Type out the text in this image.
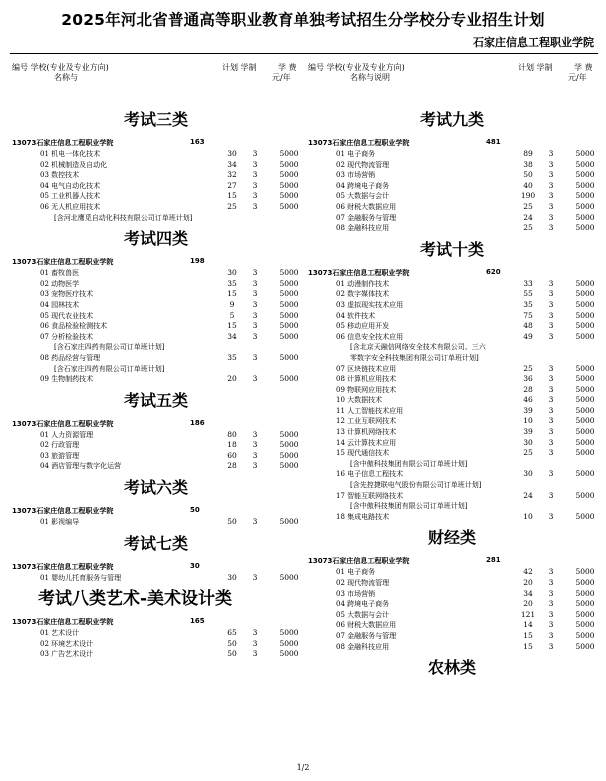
2025年河北省普通高等职业教育单独考试招生分学校分专业招生计划
石家庄信息工程职业学院
编号 学校(专业及专业方向)
名称与
计划 学制	学 费
元/年
考试三类
13073石家庄信息工程职业学院	163
01 机电一体化技术	30	3	5000
02 机械制造及自动化	34	3	5000
03 数控技术	32	3	5000
04 电气自动化技术	27	3	5000
05 工业机器人技术	15	3	5000
06 无人机应用技术	25	3	5000
[含河北鹰觅自动化科技有限公司订单班计划]
考试四类
13073石家庄信息工程职业学院	198
01 畜牧兽医	30	3	5000
02 动物医学	35	3	5000
03 宠物医疗技术	15	3	5000
04 园林技术	9	3	5000
05 现代农业技术	5	3	5000
06 食品检验检测技术	15	3	5000
07 分析检验技术	34	3	5000
[含石家庄四药有限公司订单班计划]
08 药品经营与管理	35	3	5000
[含石家庄四药有限公司订单班计划]
09 生物制药技术	20	3	5000
考试五类
13073石家庄信息工程职业学院	186
01 人力资源管理	80	3	5000
02 行政管理	18	3	5000
03 旅游管理	60	3	5000
04 酒店管理与数字化运营	28	3	5000
考试六类
13073石家庄信息工程职业学院	50
01 影视编导	50	3	5000
考试七类
13073石家庄信息工程职业学院	30
01 婴幼儿托育服务与管理	30	3	5000
考试八类艺术-美术设计类
13073石家庄信息工程职业学院	165
01 艺术设计	65	3	5000
02 环境艺术设计	50	3	5000
03 广告艺术设计	50	3	5000
编号 学校(专业及专业方向)
名称与说明
计划 学制	学 费
元/年
考试九类
13073石家庄信息工程职业学院	481
01 电子商务	89	3	5000
02 现代物流管理	38	3	5000
03 市场营销	50	3	5000
04 跨境电子商务	40	3	5000
05 大数据与会计	190	3	5000
06 财税大数据应用	25	3	5000
07 金融服务与管理	24	3	5000
08 金融科技应用	25	3	5000
考试十类
13073石家庄信息工程职业学院	620
01 动漫制作技术	33	3	5000
02 数字媒体技术	55	3	5000
03 虚拟现实技术应用	35	3	5000
04 软件技术	75	3	5000
05 移动应用开发	48	3	5000
06 信息安全技术应用	49	3	5000
[含北京天融信网络安全技术有限公司、三六
零数字安全科技集团有限公司订单班计划]
07 区块链技术应用	25	3	5000
08 计算机应用技术	36	3	5000
09 物联网应用技术	28	3	5000
10 大数据技术	46	3	5000
11 人工智能技术应用	39	3	5000
12 工业互联网技术	10	3	5000
13 计算机网络技术	39	3	5000
14 云计算技术应用	30	3	5000
15 现代通信技术	25	3	5000
[含中傲科技集团有限公司订单班计划]
16 电子信息工程技术	30	3	5000
[含先控捷联电气股份有限公司订单班计划]
17 智能互联网络技术	24	3	5000
[含中傲科技集团有限公司订单班计划]
18 集成电路技术	10	3	5000
财经类
13073石家庄信息工程职业学院	281
01 电子商务	42	3	5000
02 现代物流管理	20	3	5000
03 市场营销	34	3	5000
04 跨境电子商务	20	3	5000
05 大数据与会计	121	3	5000
06 财税大数据应用	14	3	5000
07 金融服务与管理	15	3	5000
08 金融科技应用	15	3	5000
农林类
1/2
